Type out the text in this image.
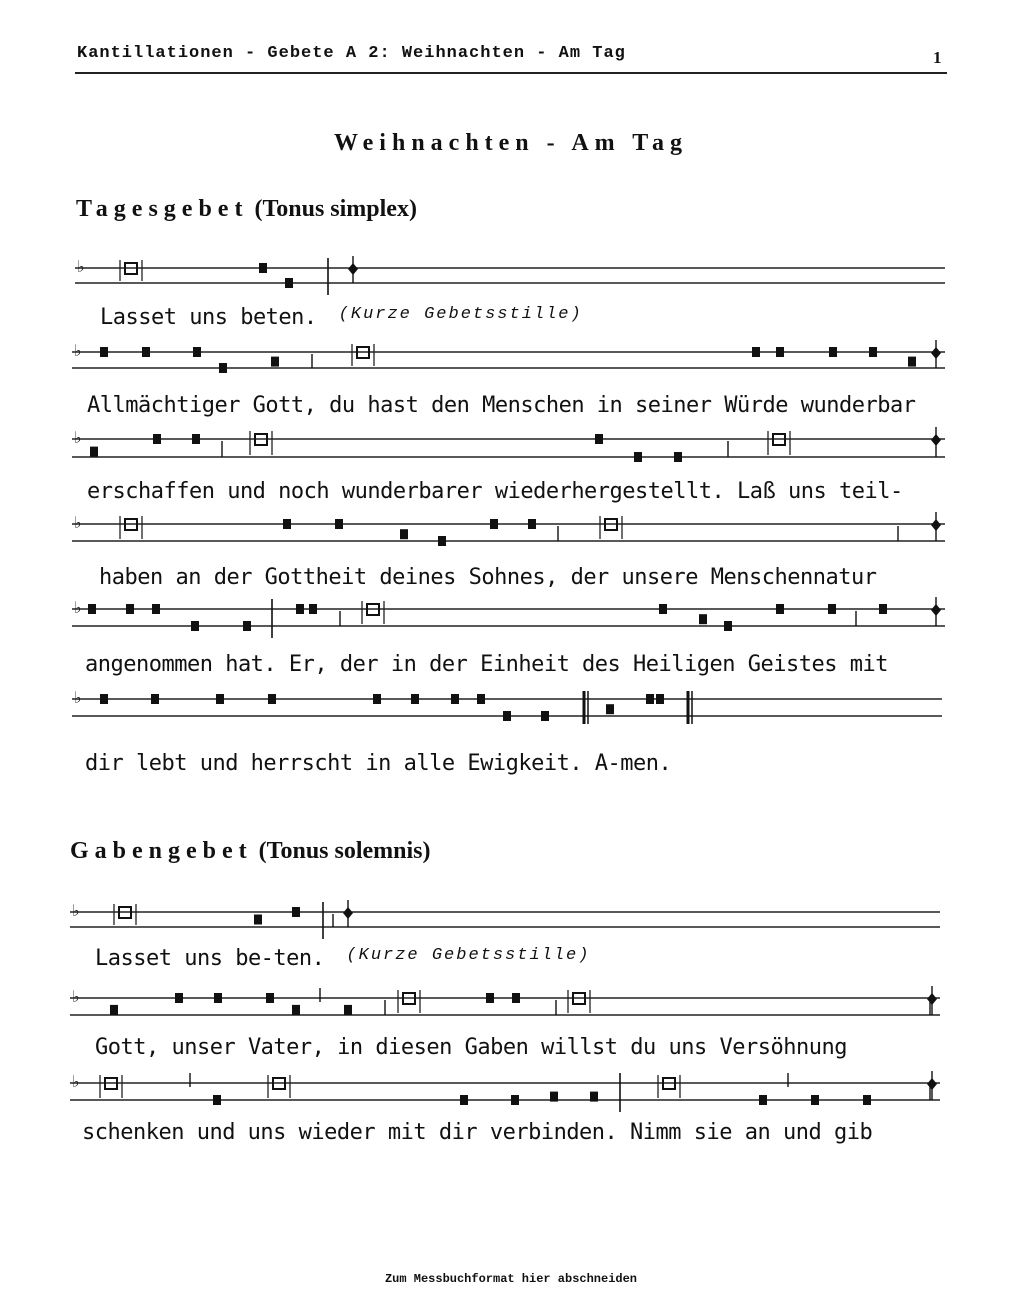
Kantillationen - Gebete A 2: Weihnachten - Am Tag	1
Weihnachten - Am Tag
♭
♭
♭
♭
♭
♭
♭
♭
♭
Tagesgebet (Tonus simplex)
Lasset uns beten. (Kurze Gebetsstille)
Allmächtiger Gott, du hast den Menschen in seiner Würde wunderbar
erschaffen und noch wunderbarer wiederhergestellt. Laß uns teil-
haben an der Gottheit deines Sohnes, der unsere Menschennatur
angenommen hat. Er, der in der Einheit des Heiligen Geistes mit
dir lebt und herrscht in alle Ewigkeit. A-men.
Gabengebet (Tonus solemnis)
Lasset uns be-ten. (Kurze Gebetsstille)
Gott, unser Vater, in diesen Gaben willst du uns Versöhnung
schenken und uns wieder mit dir verbinden. Nimm sie an und gib
Zum Messbuchformat hier abschneiden
